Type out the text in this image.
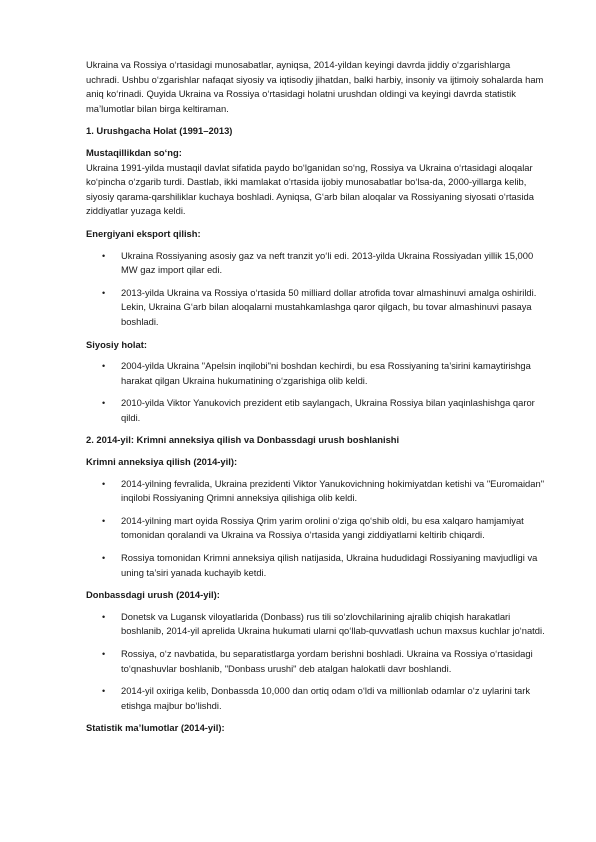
Ukraina va Rossiya o‘rtasidagi munosabatlar, ayniqsa, 2014-yildan keyingi davrda jiddiy o‘zgarishlarga uchradi. Ushbu o‘zgarishlar nafaqat siyosiy va iqtisodiy jihatdan, balki harbiy, insoniy va ijtimoiy sohalarda ham aniq ko‘rinadi. Quyida Ukraina va Rossiya o‘rtasidagi holatni urushdan oldingi va keyingi davrda statistik ma’lumotlar bilan birga keltiraman.

1. Urushgacha Holat (1991–2013)

Mustaqillikdan so‘ng:

Ukraina 1991-yilda mustaqil davlat sifatida paydo bo‘lganidan so‘ng, Rossiya va Ukraina o‘rtasidagi aloqalar ko‘pincha o‘zgarib turdi. Dastlab, ikki mamlakat o‘rtasida ijobiy munosabatlar bo‘lsa-da, 2000-yillarga kelib, siyosiy qarama-qarshiliklar kuchaya boshladi. Ayniqsa, G‘arb bilan aloqalar va Rossiyaning siyosati o‘rtasida ziddiyatlar yuzaga keldi.

Energiyani eksport qilish:

• Ukraina Rossiyaning asosiy gaz va neft tranzit yo‘li edi. 2013-yilda Ukraina Rossiyadan yillik 15,000 MW gaz import qilar edi.
• 2013-yilda Ukraina va Rossiya o‘rtasida 50 milliard dollar atrofida tovar almashinuvi amalga oshirildi. Lekin, Ukraina G‘arb bilan aloqalarni mustahkamlashga qaror qilgach, bu tovar almashinuvi pasaya boshladi.

Siyosiy holat:

• 2004-yilda Ukraina "Apelsin inqilobi"ni boshdan kechirdi, bu esa Rossiyaning ta’sirini kamaytirishga harakat qilgan Ukraina hukumatining o‘zgarishiga olib keldi.
• 2010-yilda Viktor Yanukovich prezident etib saylangach, Ukraina Rossiya bilan yaqinlashishga qaror qildi.

2. 2014-yil: Krimni anneksiya qilish va Donbassdagi urush boshlanishi

Krimni anneksiya qilish (2014-yil):

• 2014-yilning fevralida, Ukraina prezidenti Viktor Yanukovichning hokimiyatdan ketishi va "Euromaidan" inqilobi Rossiyaning Qrimni anneksiya qilishiga olib keldi.
• 2014-yilning mart oyida Rossiya Qrim yarim orolini o‘ziga qo‘shib oldi, bu esa xalqaro hamjamiyat tomonidan qoralandi va Ukraina va Rossiya o‘rtasida yangi ziddiyatlarni keltirib chiqardi.
• Rossiya tomonidan Krimni anneksiya qilish natijasida, Ukraina hududidagi Rossiyaning mavjudligi va uning ta’siri yanada kuchayib ketdi.

Donbassdagi urush (2014-yil):

• Donetsk va Lugansk viloyatlarida (Donbass) rus tili so‘zlovchilarining ajralib chiqish harakatlari boshlanib, 2014-yil aprelida Ukraina hukumati ularni qo‘llab-quvvatlash uchun maxsus kuchlar jo‘natdi.
• Rossiya, o‘z navbatida, bu separatistlarga yordam berishni boshladi. Ukraina va Rossiya o‘rtasidagi to‘qnashuvlar boshlanib, "Donbass urushi" deb atalgan halokatli davr boshlandi.
• 2014-yil oxiriga kelib, Donbassda 10,000 dan ortiq odam o‘ldi va millionlab odamlar o‘z uylarini tark etishga majbur bo‘lishdi.

Statistik ma’lumotlar (2014-yil):
